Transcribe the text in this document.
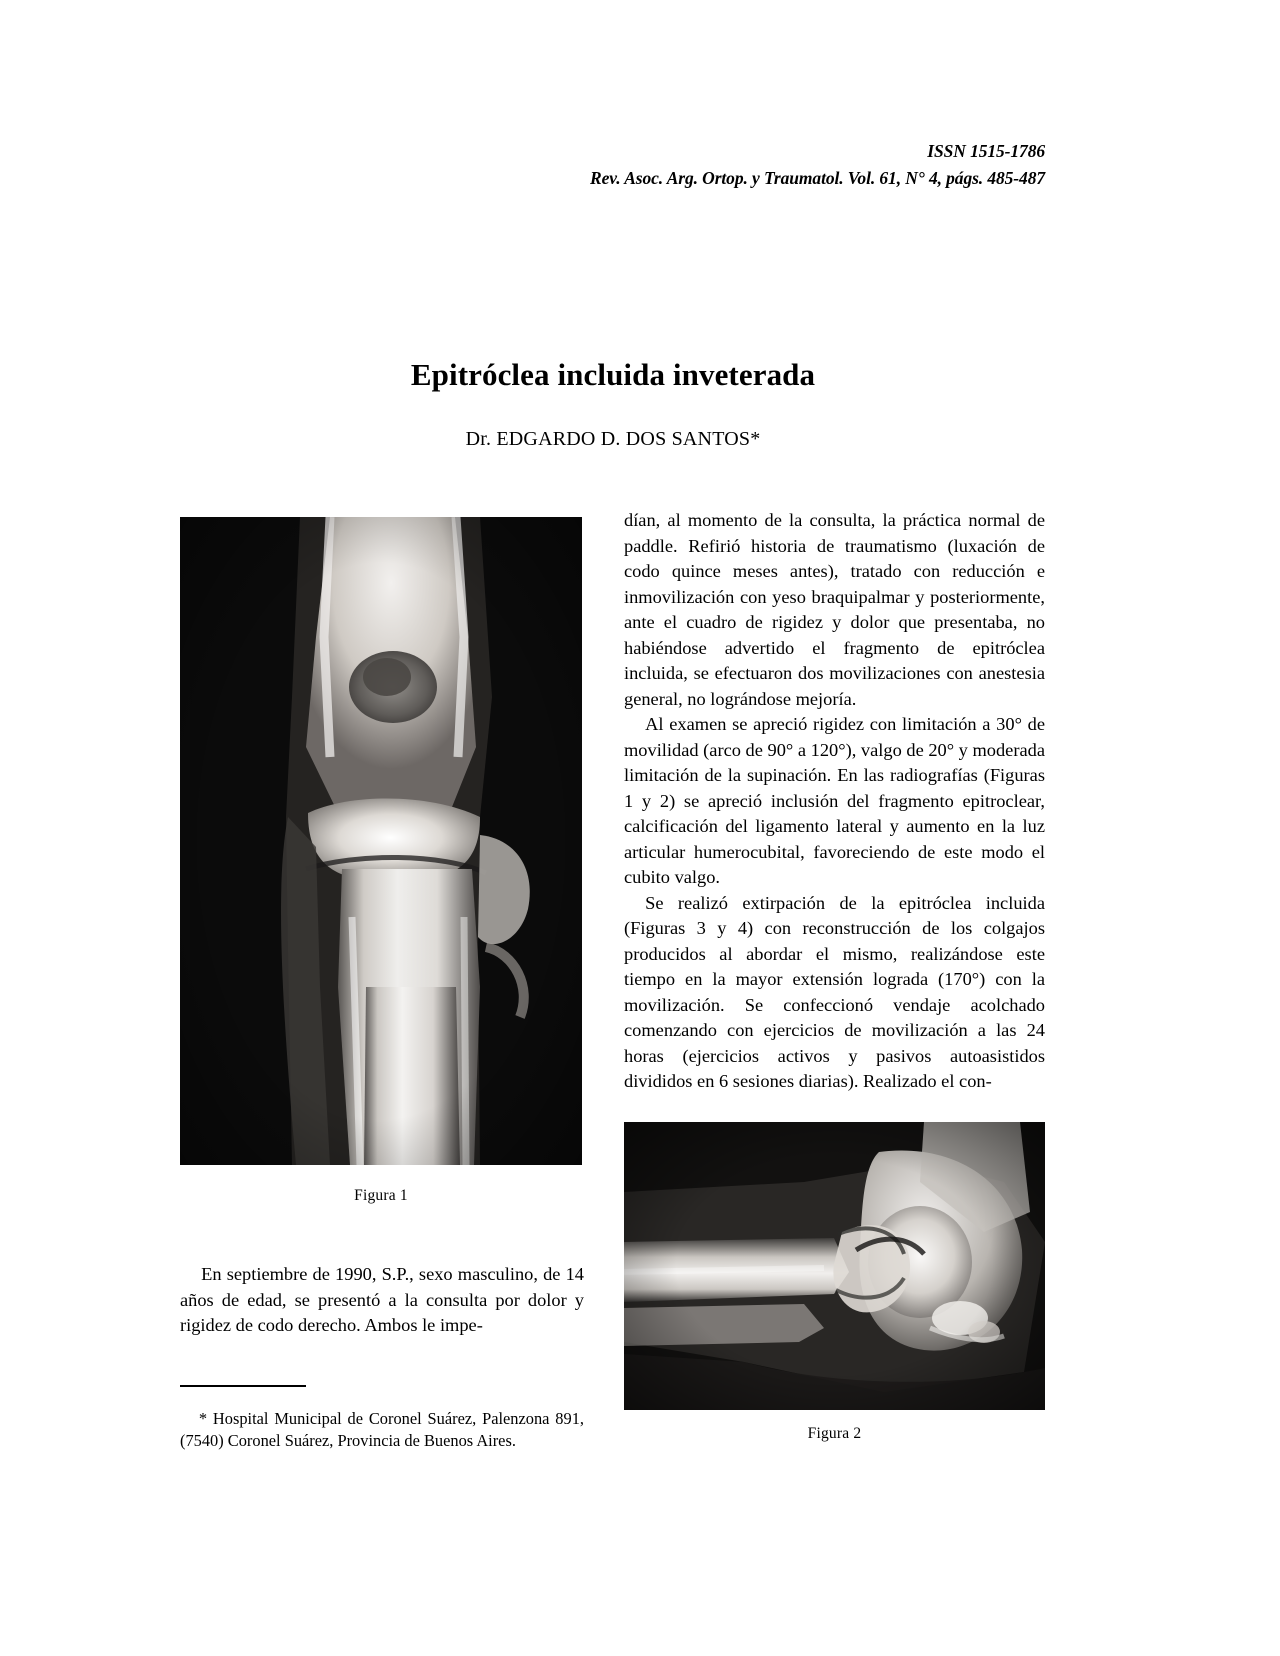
ISSN 1515-1786
Rev. Asoc. Arg. Ortop. y Traumatol. Vol. 61, N° 4, págs. 485-487
Epitróclea incluida inveterada
Dr. EDGARDO D. DOS SANTOS*
Figura 1
Figura 2

dían, al momento de la consulta, la práctica normal de paddle. Refirió historia de traumatismo (luxación de codo quince meses antes), tratado con reducción e inmovilización con yeso braquipalmar y posteriormente, ante el cuadro de rigidez y dolor que presentaba, no habiéndose advertido el fragmento de epitróclea incluida, se efectuaron dos movilizaciones con anestesia general, no lográndose mejoría.

Al examen se apreció rigidez con limitación a 30° de movilidad (arco de 90° a 120°), valgo de 20° y moderada limitación de la supinación. En las radiografías (Figuras 1 y 2) se apreció inclusión del fragmento epitroclear, calcificación del ligamento lateral y aumento en la luz articular humerocubital, favoreciendo de este modo el cubito valgo.

Se realizó extirpación de la epitróclea incluida (Figuras 3 y 4) con reconstrucción de los colgajos producidos al abordar el mismo, realizándose este tiempo en la mayor extensión lograda (170°) con la movilización. Se confeccionó vendaje acolchado comenzando con ejercicios de movilización a las 24 horas (ejercicios activos y pasivos autoasistidos divididos en 6 sesiones diarias). Realizado el con-

En septiembre de 1990, S.P., sexo masculino, de 14 años de edad, se presentó a la consulta por dolor y rigidez de codo derecho. Ambos le impe-

* Hospital Municipal de Coronel Suárez, Palenzona 891, (7540) Coronel Suárez, Provincia de Buenos Aires.
